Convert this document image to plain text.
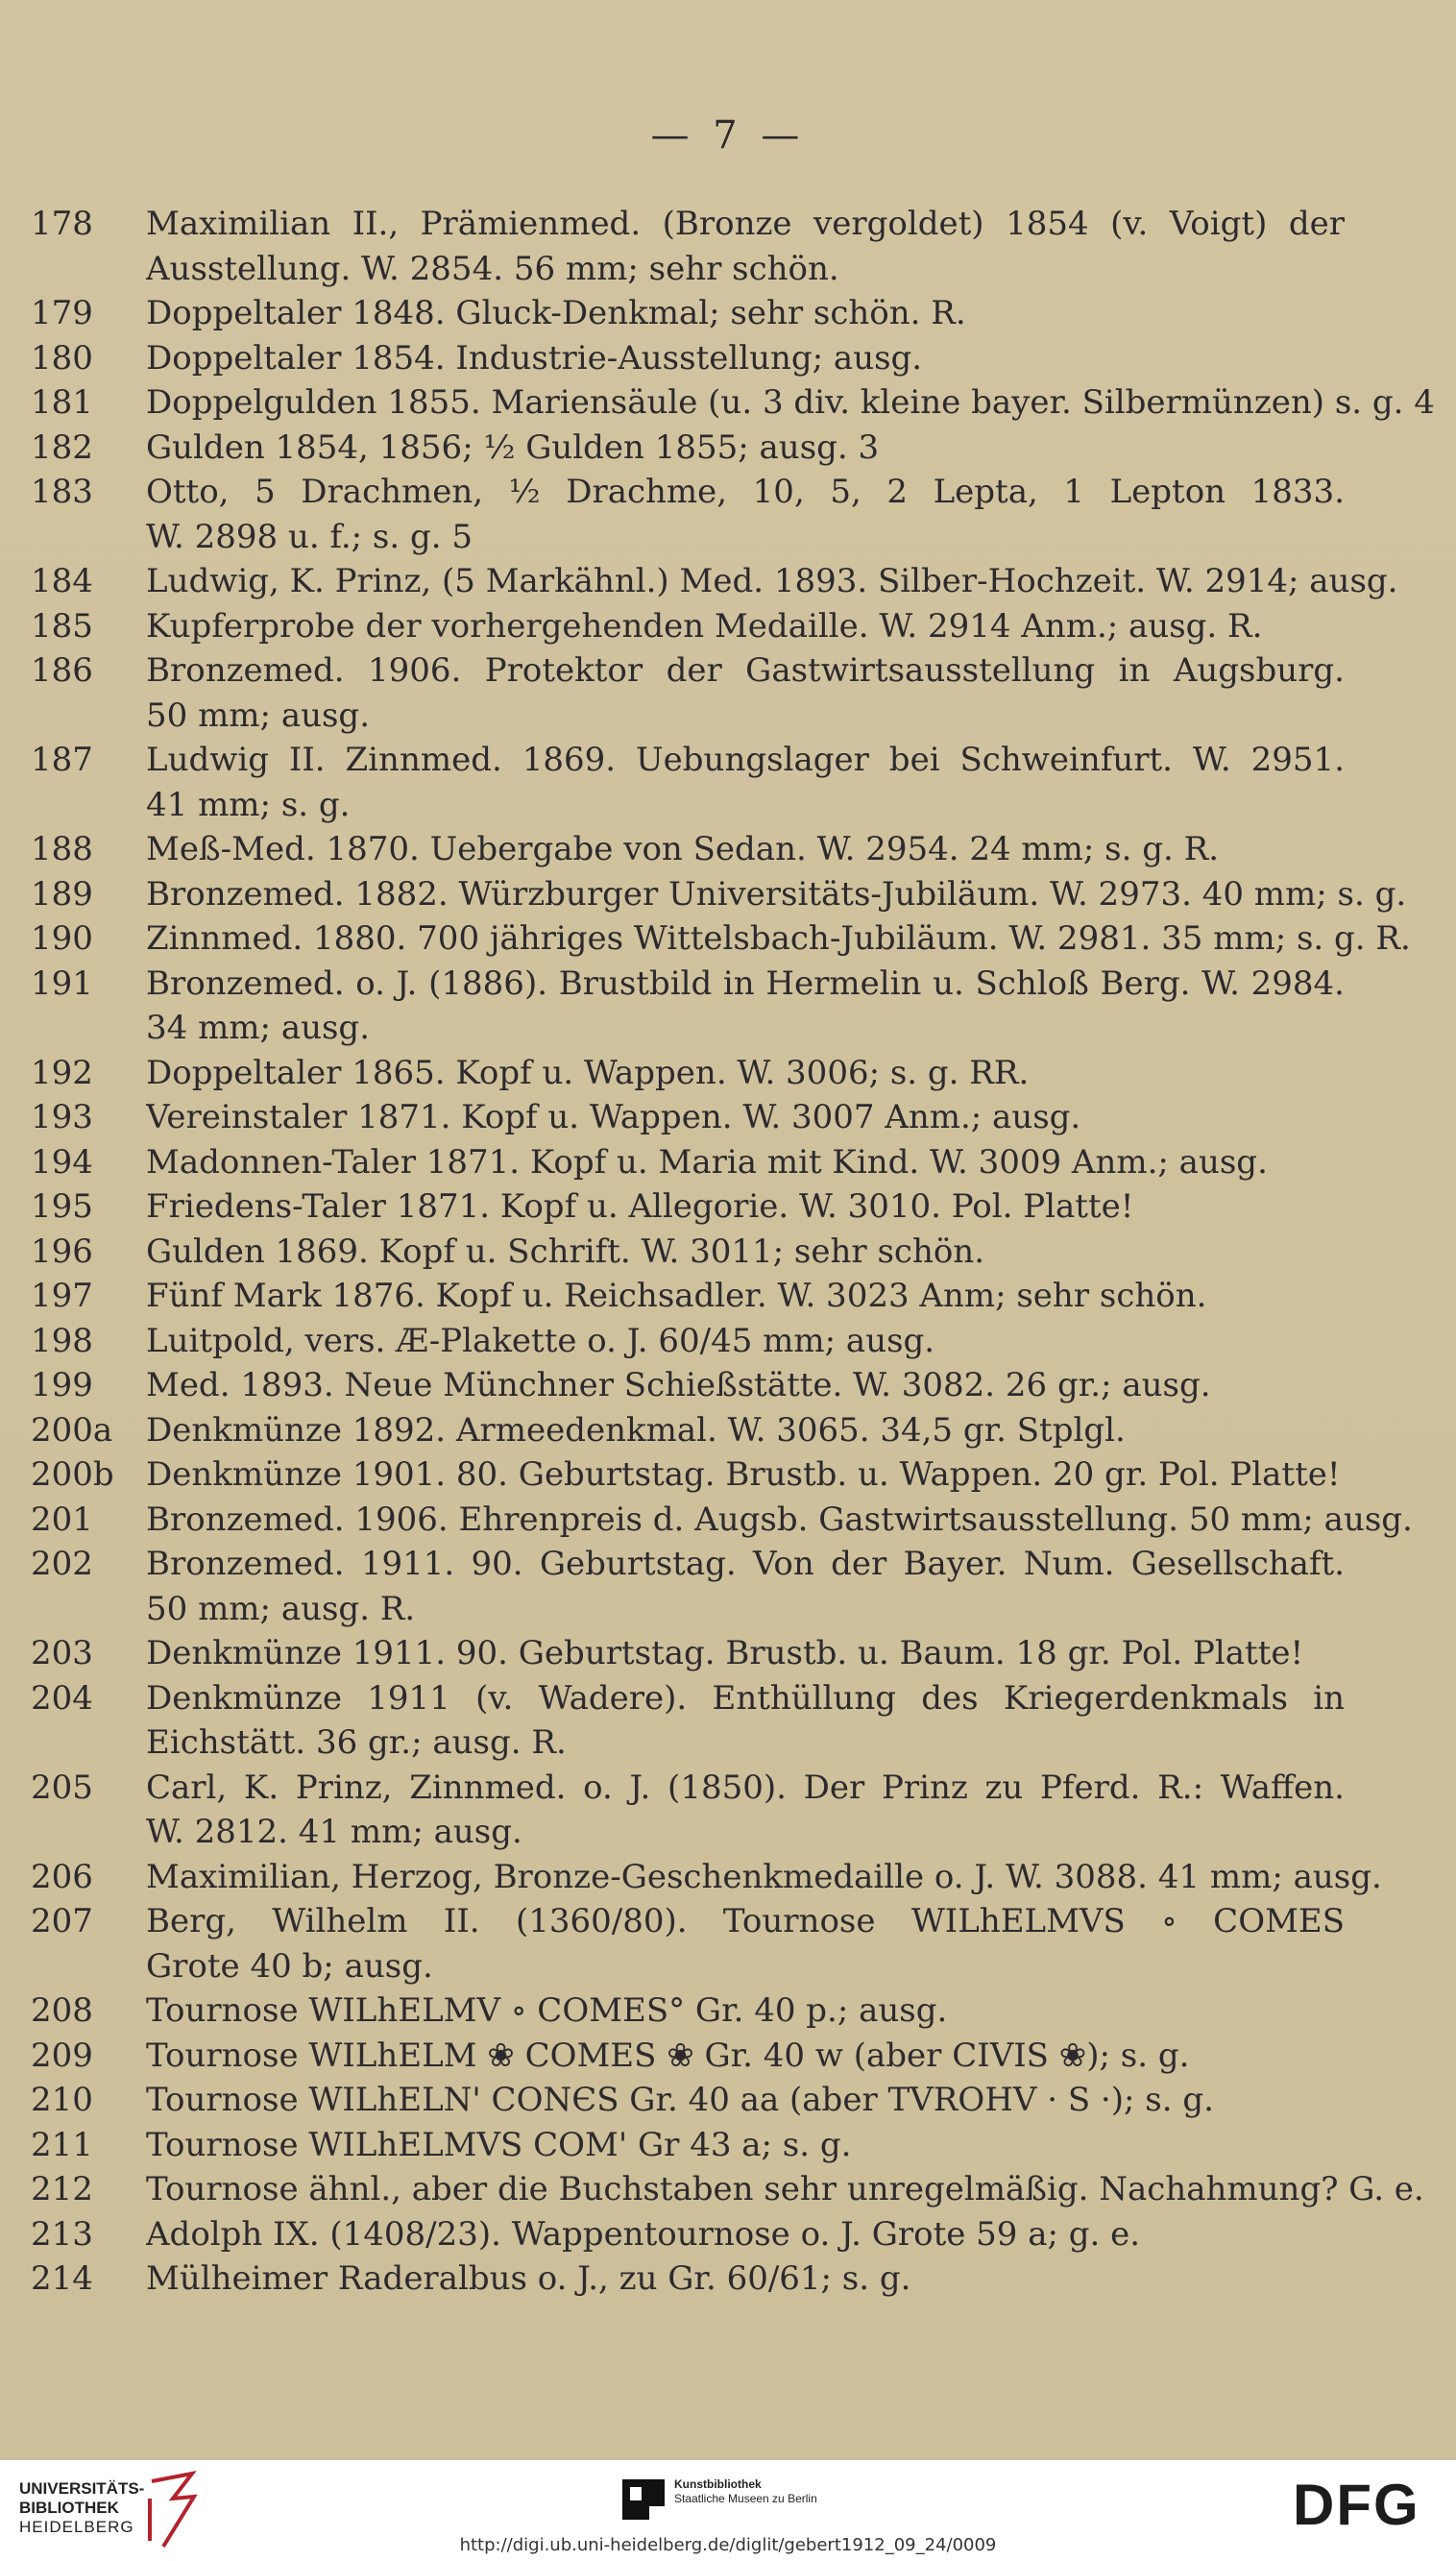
— 7 —
178	Maximilian II., Prämienmed. (Bronze vergoldet) 1854 (v. Voigt) der
Ausstellung. W. 2854. 56 mm; sehr schön.
179	Doppeltaler 1848. Gluck-Denkmal; sehr schön. R.
180	Doppeltaler 1854. Industrie-Ausstellung; ausg.
181	Doppelgulden 1855. Mariensäule (u. 3 div. kleine bayer. Silbermünzen) s. g. 4
182	Gulden 1854, 1856; ½ Gulden 1855; ausg. 3
183	Otto, 5 Drachmen, ½ Drachme, 10, 5, 2 Lepta, 1 Lepton 1833.
W. 2898 u. f.; s. g. 5
184	Ludwig, K. Prinz, (5 Markähnl.) Med. 1893. Silber-Hochzeit. W. 2914; ausg.
185	Kupferprobe der vorhergehenden Medaille. W. 2914 Anm.; ausg. R.
186	Bronzemed. 1906. Protektor der Gastwirtsausstellung in Augsburg.
50 mm; ausg.
187	Ludwig II. Zinnmed. 1869. Uebungslager bei Schweinfurt. W. 2951.
41 mm; s. g.
188	Meß-Med. 1870. Uebergabe von Sedan. W. 2954. 24 mm; s. g. R.
189	Bronzemed. 1882. Würzburger Universitäts-Jubiläum. W. 2973. 40 mm; s. g.
190	Zinnmed. 1880. 700 jähriges Wittelsbach-Jubiläum. W. 2981. 35 mm; s. g. R.
191	Bronzemed. o. J. (1886). Brustbild in Hermelin u. Schloß Berg. W. 2984.
34 mm; ausg.
192	Doppeltaler 1865. Kopf u. Wappen. W. 3006; s. g. RR.
193	Vereinstaler 1871. Kopf u. Wappen. W. 3007 Anm.; ausg.
194	Madonnen-Taler 1871. Kopf u. Maria mit Kind. W. 3009 Anm.; ausg.
195	Friedens-Taler 1871. Kopf u. Allegorie. W. 3010. Pol. Platte!
196	Gulden 1869. Kopf u. Schrift. W. 3011; sehr schön.
197	Fünf Mark 1876. Kopf u. Reichsadler. W. 3023 Anm; sehr schön.
198	Luitpold, vers. Æ-Plakette o. J. 60/45 mm; ausg.
199	Med. 1893. Neue Münchner Schießstätte. W. 3082. 26 gr.; ausg.
200a	Denkmünze 1892. Armeedenkmal. W. 3065. 34,5 gr. Stplgl.
200b Denkmünze 1901. 80. Geburtstag. Brustb. u. Wappen. 20 gr. Pol. Platte!
201	Bronzemed. 1906. Ehrenpreis d. Augsb. Gastwirtsausstellung. 50 mm; ausg.
202	Bronzemed. 1911. 90. Geburtstag. Von der Bayer. Num. Gesellschaft.
50 mm; ausg. R.
203	Denkmünze 1911. 90. Geburtstag. Brustb. u. Baum. 18 gr. Pol. Platte!
204	Denkmünze 1911 (v. Wadere). Enthüllung des Kriegerdenkmals in
Eichstätt. 36 gr.; ausg. R.
205	Carl, K. Prinz, Zinnmed. o. J. (1850). Der Prinz zu Pferd. R.: Waffen.
W. 2812. 41 mm; ausg.
206	Maximilian, Herzog, Bronze-Geschenkmedaille o. J. W. 3088. 41 mm; ausg.
207	Berg, Wilhelm II. (1360/80). Tournose WILhELMVS ∘ COMES
Grote 40 b; ausg.
208	Tournose WILhELMV ∘ COMES° Gr. 40 p.; ausg.
209	Tournose WILhELM ❀ COMES ❀ Gr. 40 w (aber CIVIS ❀); s. g.
210	Tournose WILhELN' CONЄS Gr. 40 aa (aber TVROHV · S ·); s. g.
211	Tournose WILhELMVS COM' Gr 43 a; s. g.
212	Tournose ähnl., aber die Buchstaben sehr unregelmäßig. Nachahmung? G. e.
213	Adolph IX. (1408/23). Wappentournose o. J. Grote 59 a; g. e.
214	Mülheimer Raderalbus o. J., zu Gr. 60/61; s. g.
UNIVERSITÄTS-
BIBLIOTHEK
HEIDELBERG
Kunstbibliothek
Staatliche Museen zu Berlin	DFG
http://digi.ub.uni-heidelberg.de/diglit/gebert1912_09_24/0009
